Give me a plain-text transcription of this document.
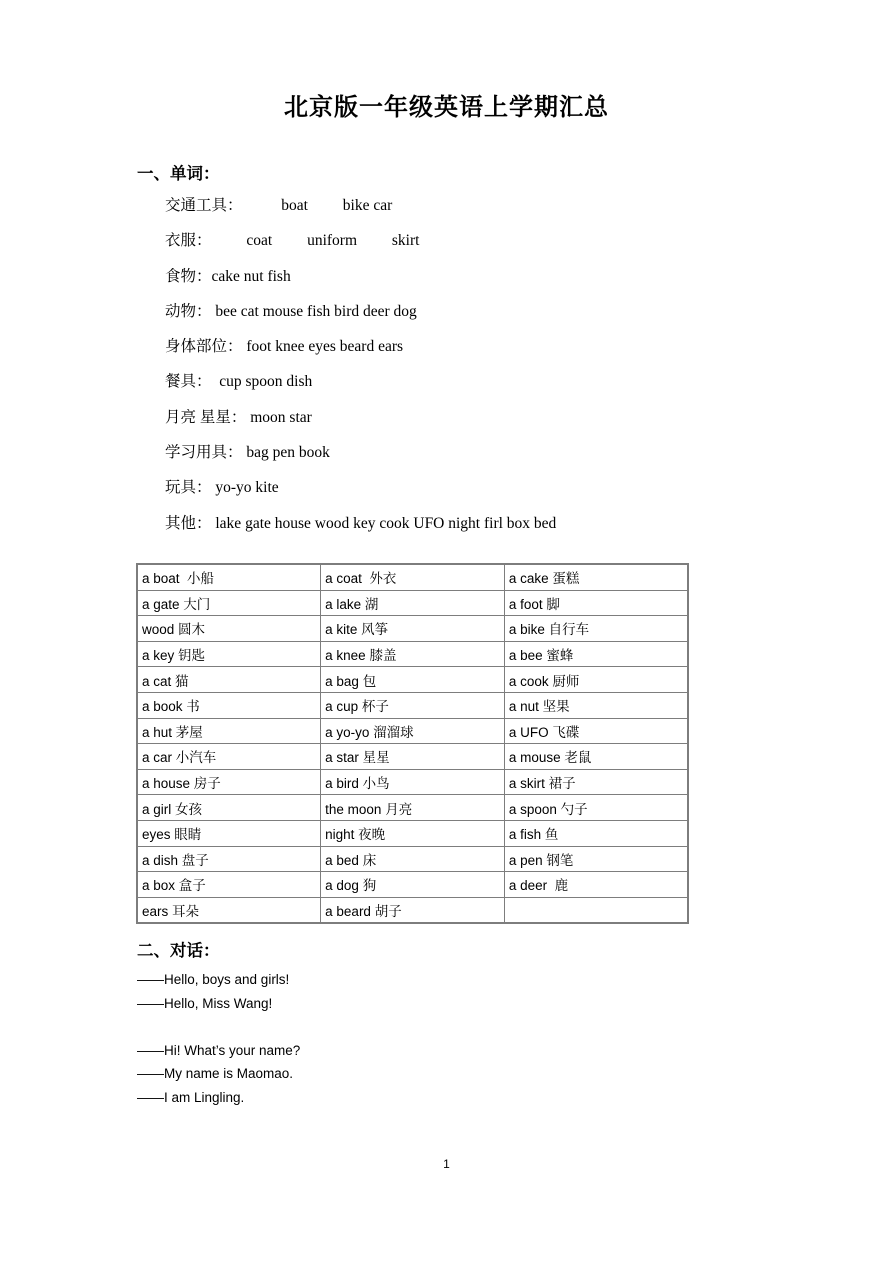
北京版一年级英语上学期汇总
一、单词：
交通工具：          boat         bike car
衣服：         coat         uniform         skirt
食物：cake nut fish
动物： bee cat mouse fish bird deer dog
身体部位： foot knee eyes beard ears
餐具：  cup spoon dish
月亮 星星： moon star
学习用具： bag pen book
玩具： yo-yo kite
其他： lake gate house wood key cook UFO night firl box bed
a boat  小船	a coat  外衣	a cake 蛋糕
a gate 大门	a lake 湖	a foot 脚
wood 圆木	a kite 风筝	a bike 自行车
a key 钥匙	a knee 膝盖	a bee 蜜蜂
a cat 猫	a bag 包	a cook 厨师
a book 书	a cup 杯子	a nut 坚果
a hut 茅屋	a yo-yo 溜溜球	a UFO 飞碟
a car 小汽车	a star 星星	a mouse 老鼠
a house 房子	a bird 小鸟	a skirt 裙子
a girl 女孩	the moon 月亮	a spoon 勺子
eyes 眼睛	night 夜晚	a fish 鱼
a dish 盘子	a bed 床	a pen 钢笔
a box 盒子	a dog 狗	a deer  鹿
ears 耳朵	a beard 胡子	
二、对话：
——Hello, boys and girls!
——Hello, Miss Wang!
——Hi! What’s your name?
——My name is Maomao.
——I am Lingling.
1
